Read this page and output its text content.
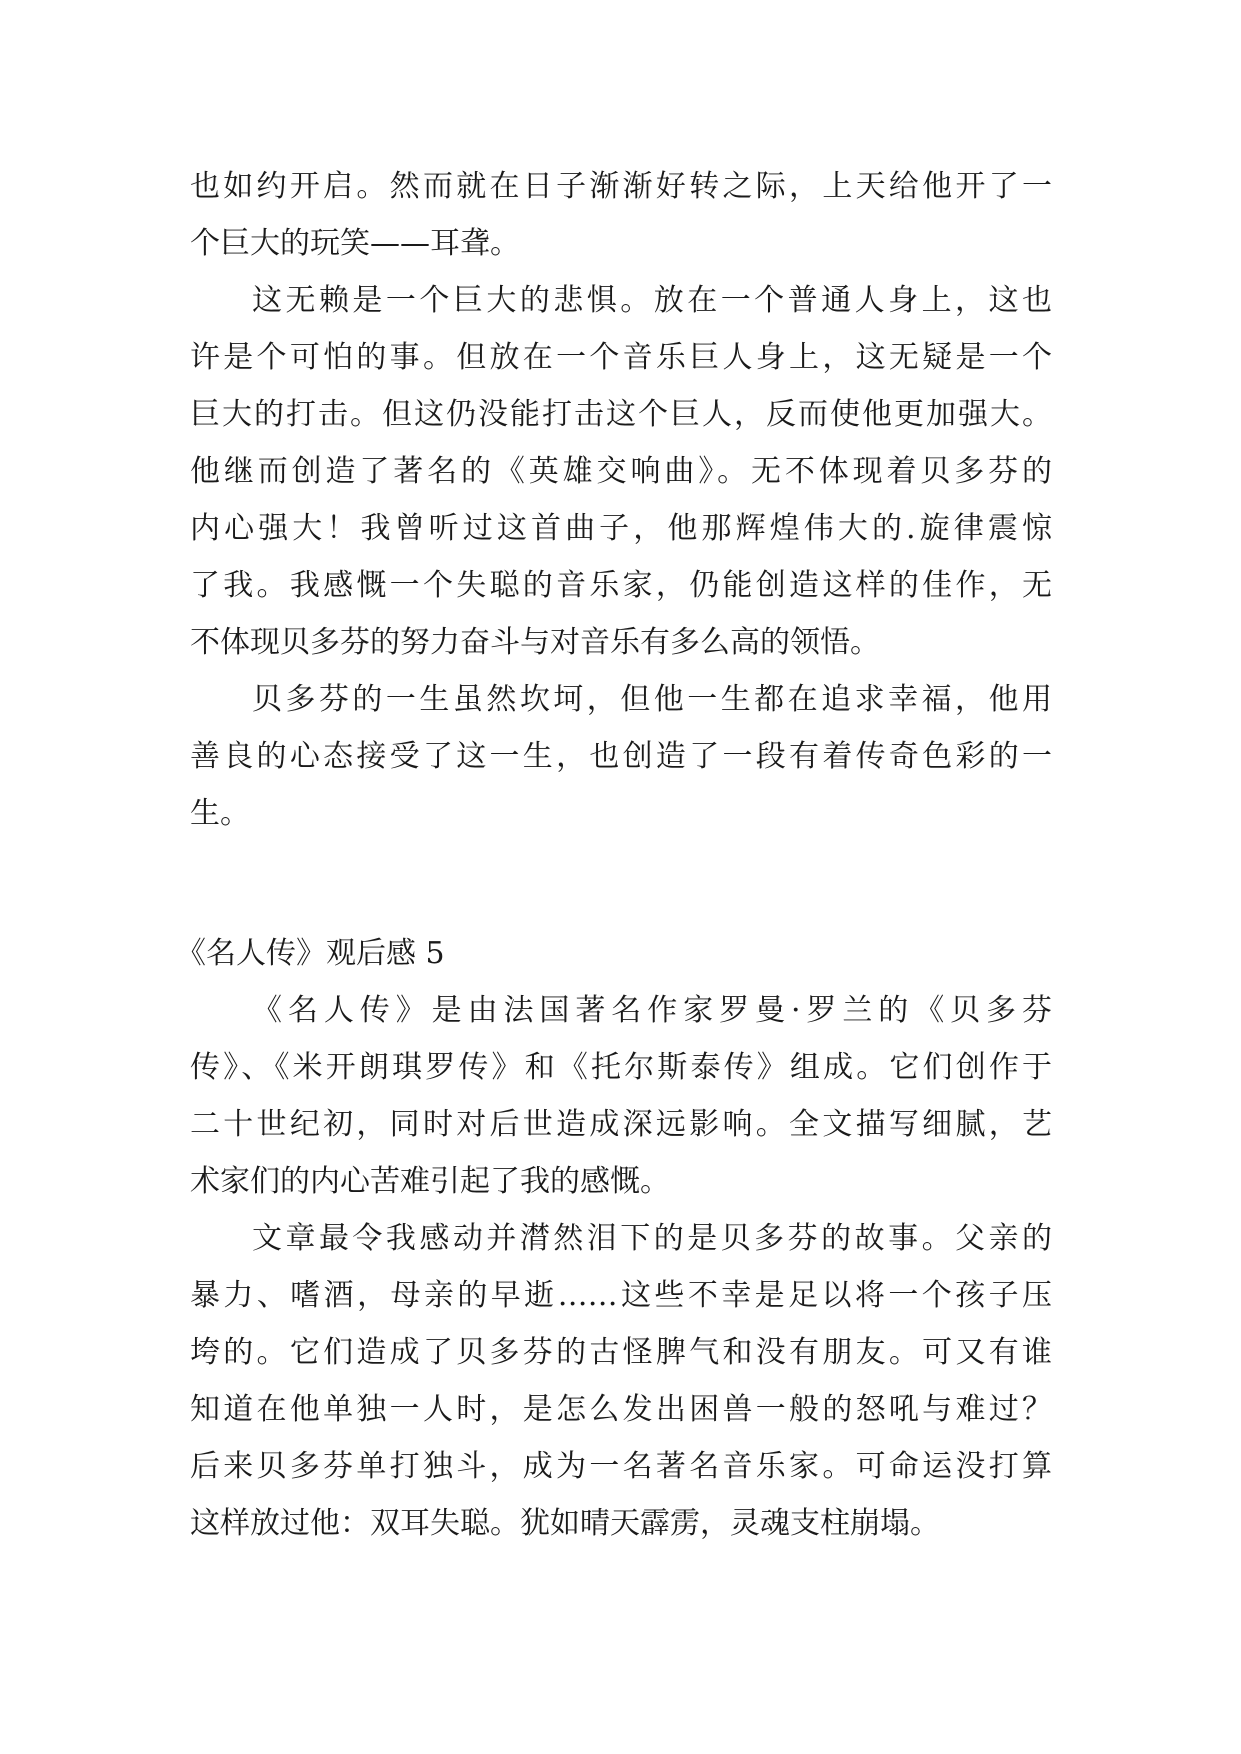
也如约开启。然而就在日子渐渐好转之际，上天给他开了一
个巨大的玩笑——耳聋。
这无赖是一个巨大的悲惧。放在一个普通人身上，这也
许是个可怕的事。但放在一个音乐巨人身上，这无疑是一个
巨大的打击。但这仍没能打击这个巨人，反而使他更加强大。
他继而创造了著名的《英雄交响曲》。无不体现着贝多芬的
内心强大！我曾听过这首曲子，他那辉煌伟大的.旋律震惊
了我。我感慨一个失聪的音乐家，仍能创造这样的佳作，无
不体现贝多芬的努力奋斗与对音乐有多么高的领悟。
贝多芬的一生虽然坎坷，但他一生都在追求幸福，他用
善良的心态接受了这一生，也创造了一段有着传奇色彩的一
生。
《名人传》观后感 5
《名人传》是由法国著名作家罗曼·罗兰的《贝多芬
传》、《米开朗琪罗传》和《托尔斯泰传》组成。它们创作于
二十世纪初，同时对后世造成深远影响。全文描写细腻，艺
术家们的内心苦难引起了我的感慨。
文章最令我感动并潸然泪下的是贝多芬的故事。父亲的
暴力、嗜酒，母亲的早逝……这些不幸是足以将一个孩子压
垮的。它们造成了贝多芬的古怪脾气和没有朋友。可又有谁
知道在他单独一人时，是怎么发出困兽一般的怒吼与难过？
后来贝多芬单打独斗，成为一名著名音乐家。可命运没打算
这样放过他：双耳失聪。犹如晴天霹雳，灵魂支柱崩塌。
